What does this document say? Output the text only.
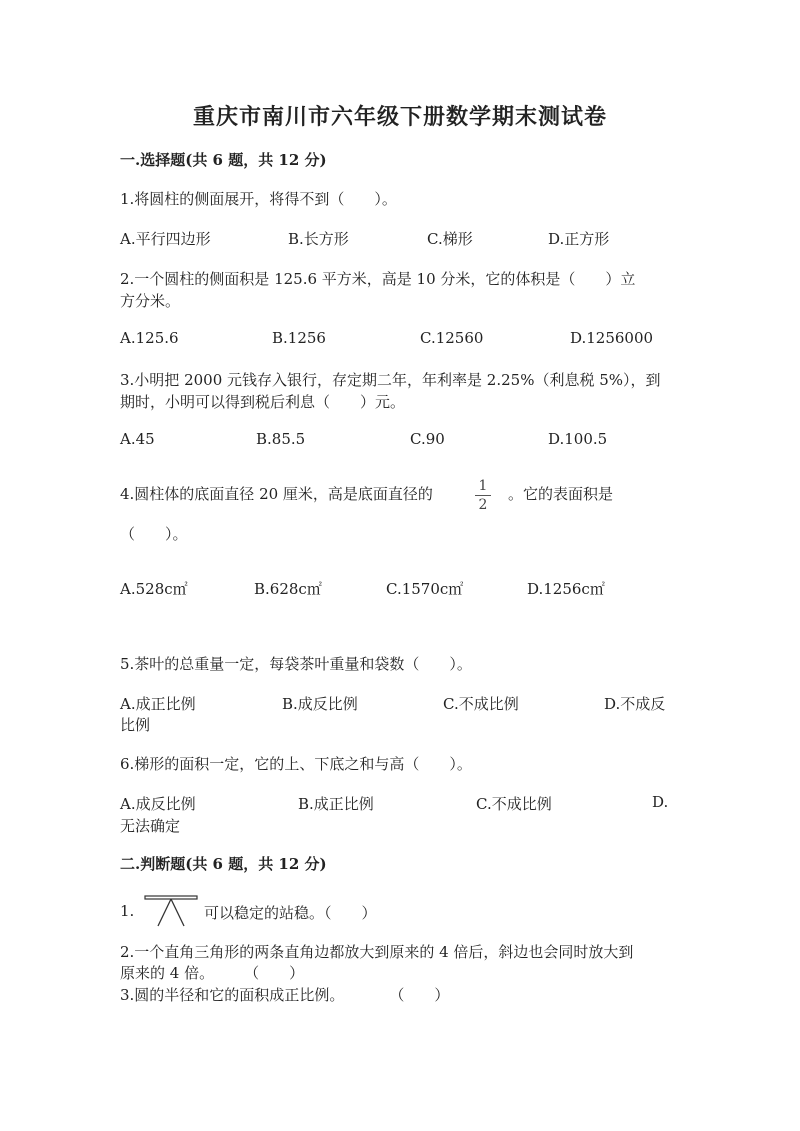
重庆市南川市六年级下册数学期末测试卷
一.选择题(共 6 题，共 12 分)
1.将圆柱的侧面展开，将得不到（　　）。
A.平行四边形	B.长方形	C.梯形	D.正方形
2.一个圆柱的侧面积是 125.6 平方米，高是 10 分米，它的体积是（　　）立
方分米。
A.125.6	B.1256	C.12560	D.1256000
3.小明把 2000 元钱存入银行，存定期二年，年利率是 2.25%（利息税 5%），到
期时，小明可以得到税后利息（　　）元。
A.45	B.85.5	C.90	D.100.5
4.圆柱体的底面直径 20 厘米，高是底面直径的	1
2
。它的表面积是
（　　）。
A.528c㎡	B.628c㎡	C.1570c㎡	D.1256c㎡
5.茶叶的总重量一定，每袋茶叶重量和袋数（　　）。
A.成正比例	B.成反比例	C.不成比例	D.不成反
比例
6.梯形的面积一定，它的上、下底之和与高（　　）。
A.成反比例	B.成正比例	C.不成比例	D.
无法确定
二.判断题(共 6 题，共 12 分)
1.	可以稳定的站稳。（　　）
2.一个直角三角形的两条直角边都放大到原来的 4 倍后，斜边也会同时放大到
原来的 4 倍。　　　（　　）
3.圆的半径和它的面积成正比例。　　　　（　　）
